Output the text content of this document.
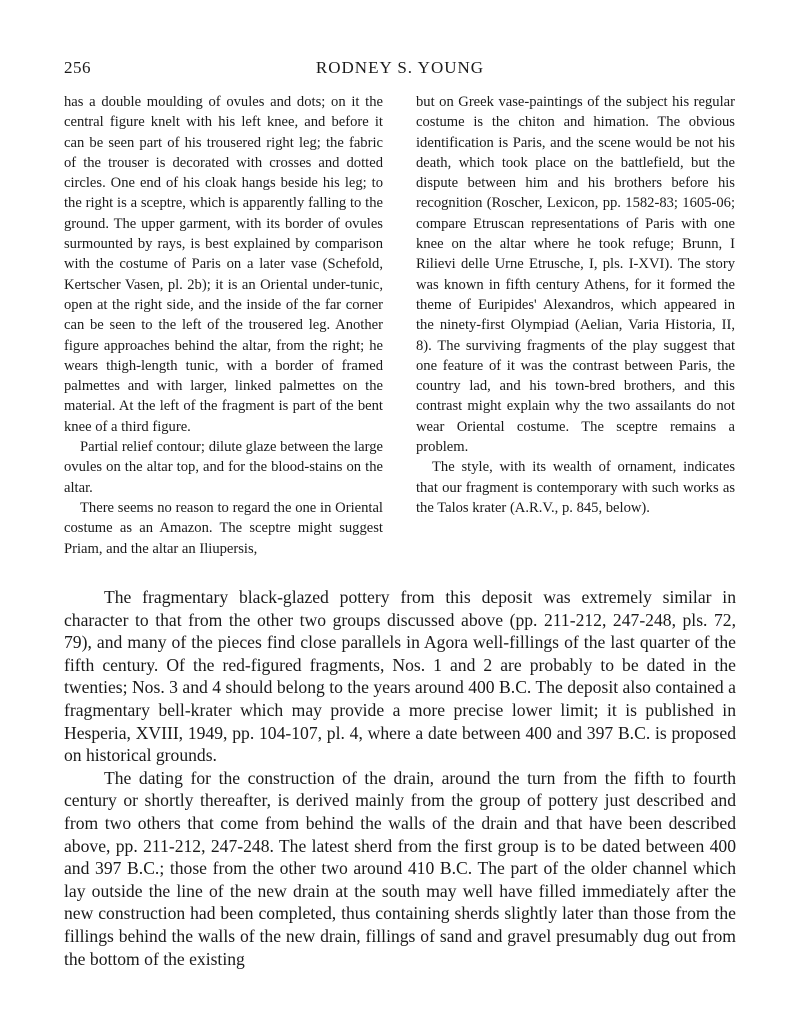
256	RODNEY S. YOUNG

has a double moulding of ovules and dots; on it the central figure knelt with his left knee, and before it can be seen part of his trousered right leg; the fabric of the trouser is decorated with crosses and dotted circles. One end of his cloak hangs beside his leg; to the right is a sceptre, which is apparently falling to the ground. The upper garment, with its border of ovules surmounted by rays, is best explained by comparison with the costume of Paris on a later vase (Schefold, Kertscher Vasen, pl. 2b); it is an Oriental under-tunic, open at the right side, and the inside of the far corner can be seen to the left of the trousered leg. Another figure approaches behind the altar, from the right; he wears thigh-length tunic, with a border of framed palmettes and with larger, linked palmettes on the material. At the left of the fragment is part of the bent knee of a third figure.

Partial relief contour; dilute glaze between the large ovules on the altar top, and for the blood-stains on the altar.

There seems no reason to regard the one in Oriental costume as an Amazon. The sceptre might suggest Priam, and the altar an Iliupersis,

but on Greek vase-paintings of the subject his regular costume is the chiton and himation. The obvious identification is Paris, and the scene would be not his death, which took place on the battlefield, but the dispute between him and his brothers before his recognition (Roscher, Lexicon, pp. 1582-83; 1605-06; compare Etruscan representations of Paris with one knee on the altar where he took refuge; Brunn, I Rilievi delle Urne Etrusche, I, pls. I-XVI). The story was known in fifth century Athens, for it formed the theme of Euripides' Alexandros, which appeared in the ninety-first Olympiad (Aelian, Varia Historia, II, 8). The surviving fragments of the play suggest that one feature of it was the contrast between Paris, the country lad, and his town-bred brothers, and this contrast might explain why the two assailants do not wear Oriental costume. The sceptre remains a problem.

The style, with its wealth of ornament, indicates that our fragment is contemporary with such works as the Talos krater (A.R.V., p. 845, below).

The fragmentary black-glazed pottery from this deposit was extremely similar in character to that from the other two groups discussed above (pp. 211-212, 247-248, pls. 72, 79), and many of the pieces find close parallels in Agora well-fillings of the last quarter of the fifth century. Of the red-figured fragments, Nos. 1 and 2 are probably to be dated in the twenties; Nos. 3 and 4 should belong to the years around 400 B.C. The deposit also contained a fragmentary bell-krater which may provide a more precise lower limit; it is published in Hesperia, XVIII, 1949, pp. 104-107, pl. 4, where a date between 400 and 397 B.C. is proposed on historical grounds.

The dating for the construction of the drain, around the turn from the fifth to fourth century or shortly thereafter, is derived mainly from the group of pottery just described and from two others that come from behind the walls of the drain and that have been described above, pp. 211-212, 247-248. The latest sherd from the first group is to be dated between 400 and 397 B.C.; those from the other two around 410 B.C. The part of the older channel which lay outside the line of the new drain at the south may well have filled immediately after the new construction had been completed, thus containing sherds slightly later than those from the fillings behind the walls of the new drain, fillings of sand and gravel presumably dug out from the bottom of the existing
